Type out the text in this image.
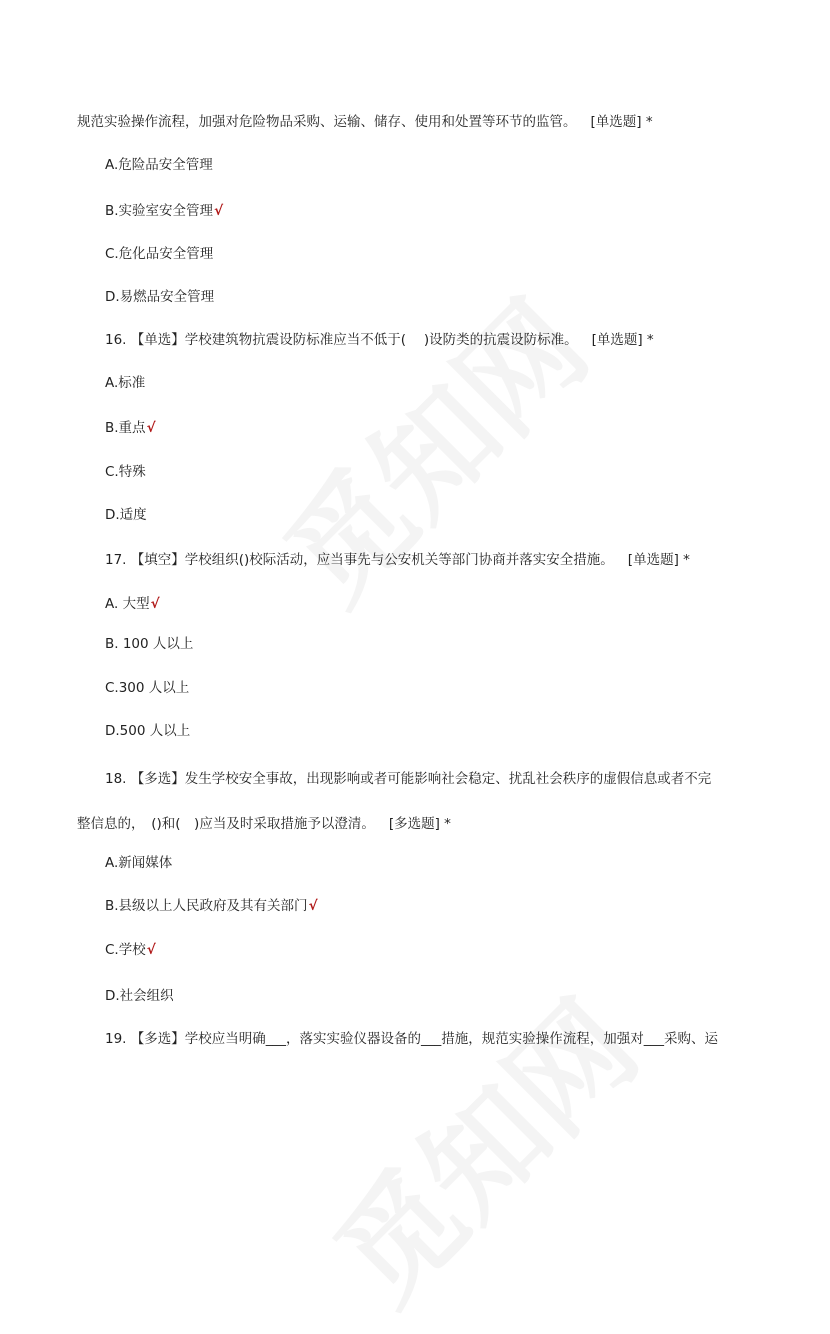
规范实验操作流程，加强对危险物品采购、运输、储存、使用和处置等环节的监管。 [单选题] *
A.危险品安全管理
B.实验室安全管理√
C.危化品安全管理
D.易燃品安全管理
16. 【单选】学校建筑物抗震设防标准应当不低于(　 )设防类的抗震设防标准。 [单选题] *
A.标准
B.重点√
C.特殊
D.适度
17. 【填空】学校组织()校际活动，应当事先与公安机关等部门协商并落实安全措施。 [单选题] *
A. 大型√
B. 100 人以上
C.300 人以上
D.500 人以上
18. 【多选】发生学校安全事故，出现影响或者可能影响社会稳定、扰乱社会秩序的虚假信息或者不完
整信息的，　()和(　)应当及时采取措施予以澄清。 [多选题] *
A.新闻媒体
B.县级以上人民政府及其有关部门√
C.学校√
D.社会组织
19. 【多选】学校应当明确___，落实实验仪器设备的___措施，规范实验操作流程，加强对___采购、运
